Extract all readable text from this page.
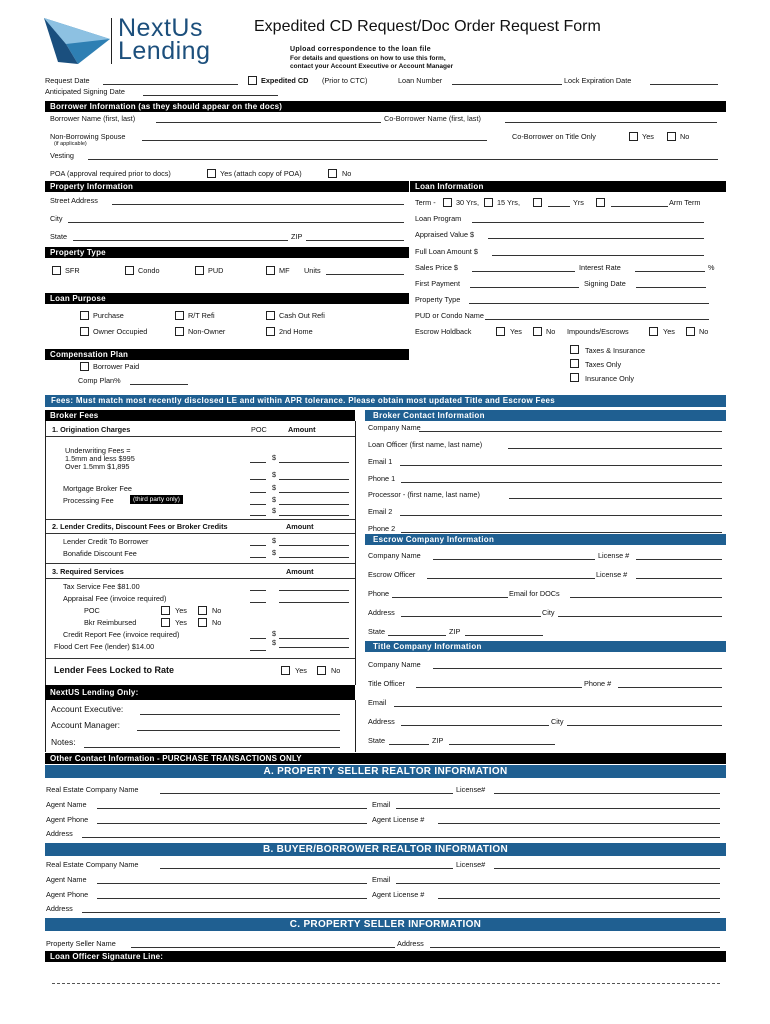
NextUs
Lending
Expedited CD Request/Doc Order Request Form
Upload correspondence to the loan file
For details and questions on how to use this form,
contact your Account Executive or Account Manager
Request Date	Expedited CD (Prior to CTC)	Loan Number	Lock Expiration Date
Anticipated Signing Date
Borrower Information (as they should appear on the docs)
Borrower Name (first, last)	Co-Borrower Name (first, last)
Non-Borrowing Spouse
(if applicable)
Co-Borrower on Title Only	Yes	No
Vesting
POA (approval required prior to docs)	Yes (attach copy of POA)	No
Property Information
Street Address
City
State	ZIP
Property Type
SFR	Condo	PUD	MF Units
Loan Purpose
Purchase	R/T Refi	Cash Out Refi
Owner Occupied	Non-Owner	2nd Home
Compensation Plan
Borrower Paid
Comp Plan%
Loan Information
Term -	30 Yrs, 15 Yrs,	Yrs	Arm Term
Loan Program
Appraised Value $
Full Loan Amount $
Sales Price $	Interest Rate	%
First Payment	Signing Date
Property Type
PUD or Condo Name
Escrow Holdback	Yes	No Impounds/Escrows	Yes	No
Taxes & Insurance
Taxes Only
Insurance Only
Fees: Must match most recently disclosed LE and within APR tolerance. Please obtain most updated Title and Escrow Fees
Broker Fees
1. Origination Charges	POC	Amount
Underwriting Fees =
1.5mm and less $995
Over 1.5mm $1,895
$
$
Mortgage Broker Fee	$
Processing Fee	(third party only)	$
$
2. Lender Credits, Discount Fees or Broker Credits	Amount
Lender Credit To Borrower	$
Bonafide Discount Fee	$
3. Required Services	Amount
Tax Service Fee $81.00
Appraisal Fee (invoice required)
POC	Yes	No
Bkr Reimbursed	Yes	No
Credit Report Fee (invoice required)	$
Flood Cert Fee (lender) $14.00	$
Lender Fees Locked to Rate	Yes	No
NextUS Lending Only:
Account Executive:
Account Manager:
Notes:
Broker Contact Information
Company Name
Loan Officer (first name, last name)
Email 1
Phone 1
Processor - (first name, last name)
Email 2
Phone 2
Escrow Company Information
Company Name	License #
Escrow Officer	License #
Phone	Email for DOCs
Address	City
State	ZIP
Title Company Information
Company Name
Title Officer	Phone #
Email
Address	City
State	ZIP
Other Contact Information - PURCHASE TRANSACTIONS ONLY
A. PROPERTY SELLER REALTOR INFORMATION
Real Estate Company Name	License#
Agent Name	Email
Agent Phone	Agent License #
Address
B. BUYER/BORROWER REALTOR INFORMATION
Real Estate Company Name	License#
Agent Name	Email
Agent Phone	Agent License #
Address
C. PROPERTY SELLER INFORMATION
Property Seller Name	Address
Loan Officer Signature Line:
